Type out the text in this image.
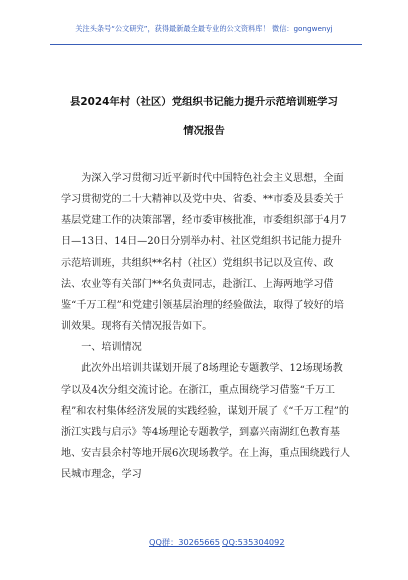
关注头条号“公文研究”，获得最新最全最专业的公文资料库！ 微信：gongwenyj
县2024年村（社区）党组织书记能力提升示范培训班学习
情况报告

为深入学习贯彻习近平新时代中国特色社会主义思想，全面学习贯彻党的二十大精神以及党中央、省委、**市委及县委关于基层党建工作的决策部署，经市委审核批准，市委组织部于4月7日—13日、14日—20日分别举办村、社区党组织书记能力提升示范培训班，共组织**名村（社区）党组织书记以及宣传、政法、农业等有关部门**名负责同志，赴浙江、上海两地学习借鉴“千万工程”和党建引领基层治理的经验做法，取得了较好的培训效果。现将有关情况报告如下。

一、培训情况

此次外出培训共谋划开展了8场理论专题教学、12场现场教学以及4次分组交流讨论。在浙江，重点围绕学习借鉴“千万工程”和农村集体经济发展的实践经验，谋划开展了《“千万工程”的浙江实践与启示》等4场理论专题教学，到嘉兴南湖红色教育基地、安吉县余村等地开展6次现场教学。在上海，重点围绕践行人民城市理念，学习

QQ群：30265665 QQ:535304092
